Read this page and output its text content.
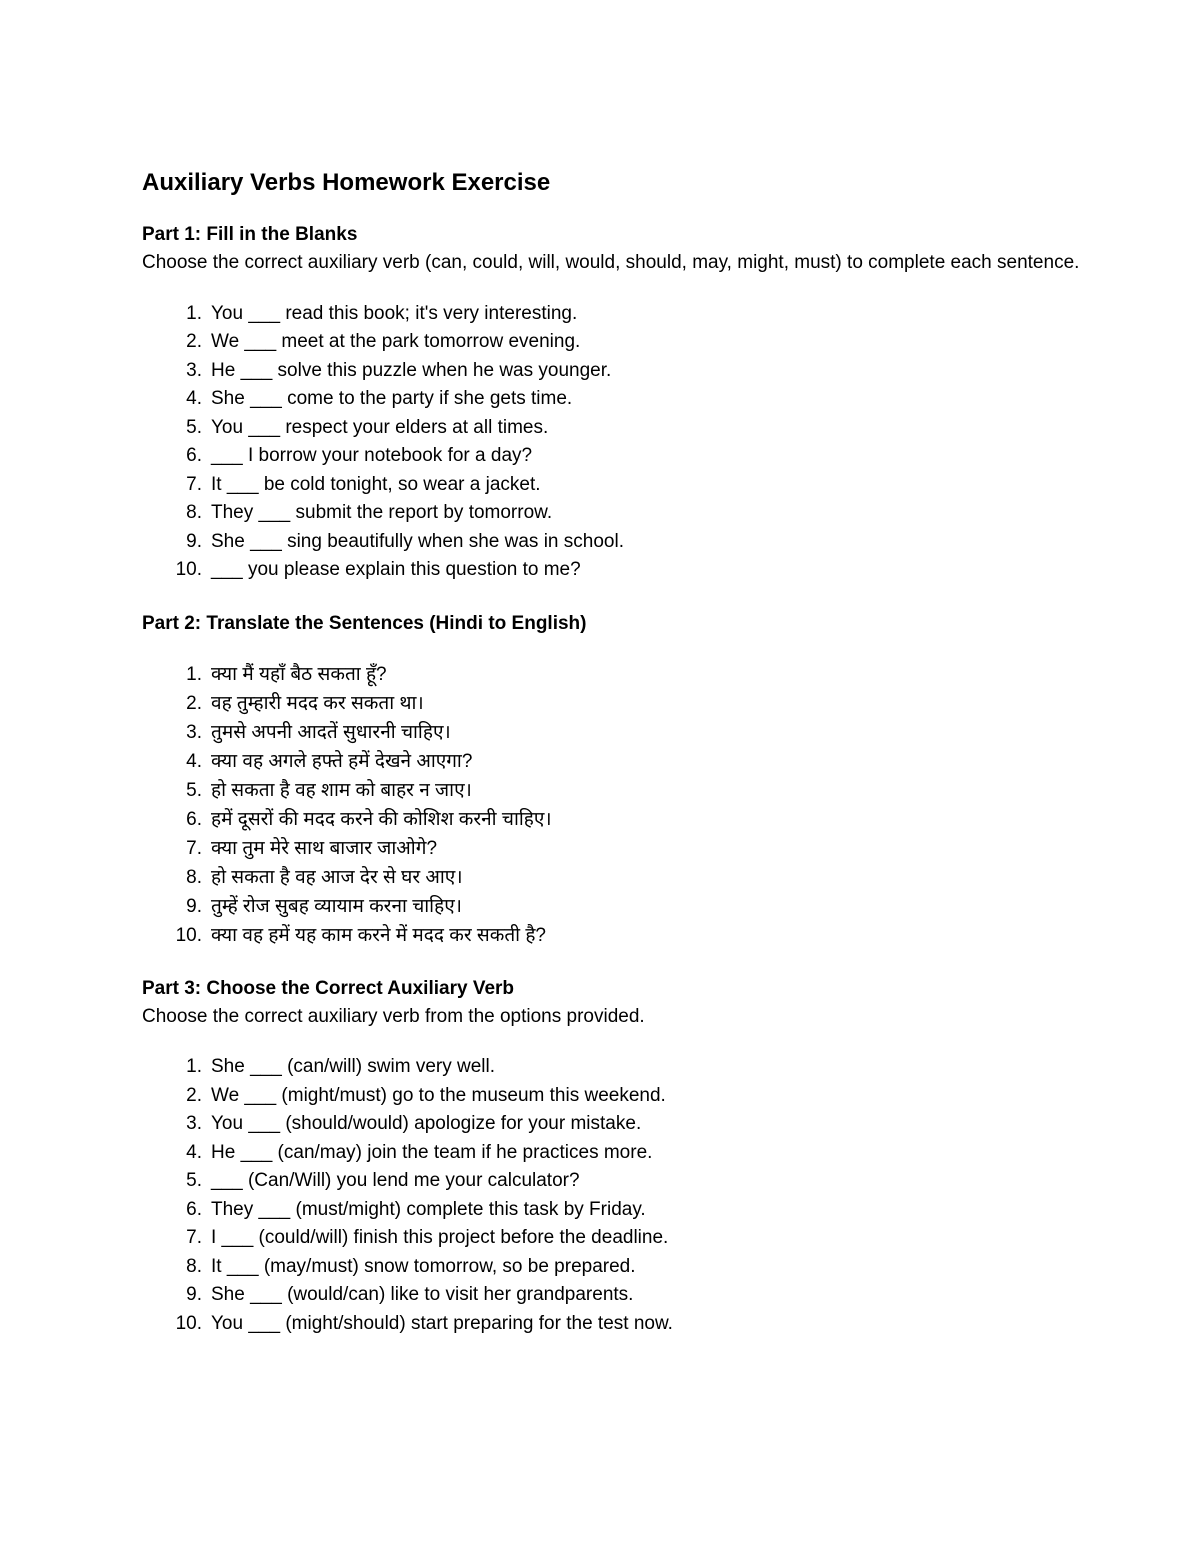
Auxiliary Verbs Homework Exercise

Part 1: Fill in the Blanks

Choose the correct auxiliary verb (can, could, will, would, should, may, might, must) to complete each sentence.

1. You ___ read this book; it's very interesting.
2. We ___ meet at the park tomorrow evening.
3. He ___ solve this puzzle when he was younger.
4. She ___ come to the party if she gets time.
5. You ___ respect your elders at all times.
6. ___ I borrow your notebook for a day?
7. It ___ be cold tonight, so wear a jacket.
8. They ___ submit the report by tomorrow.
9. She ___ sing beautifully when she was in school.
10. ___ you please explain this question to me?

Part 2: Translate the Sentences (Hindi to English)

1. क्या मैं यहाँ बैठ सकता हूँ?
2. वह तुम्हारी मदद कर सकता था।
3. तुमसे अपनी आदतें सुधारनी चाहिए।
4. क्या वह अगले हफ्ते हमें देखने आएगा?
5. हो सकता है वह शाम को बाहर न जाए।
6. हमें दूसरों की मदद करने की कोशिश करनी चाहिए।
7. क्या तुम मेरे साथ बाजार जाओगे?
8. हो सकता है वह आज देर से घर आए।
9. तुम्हें रोज सुबह व्यायाम करना चाहिए।
10. क्या वह हमें यह काम करने में मदद कर सकती है?

Part 3: Choose the Correct Auxiliary Verb

Choose the correct auxiliary verb from the options provided.

1. She ___ (can/will) swim very well.
2. We ___ (might/must) go to the museum this weekend.
3. You ___ (should/would) apologize for your mistake.
4. He ___ (can/may) join the team if he practices more.
5. ___ (Can/Will) you lend me your calculator?
6. They ___ (must/might) complete this task by Friday.
7. I ___ (could/will) finish this project before the deadline.
8. It ___ (may/must) snow tomorrow, so be prepared.
9. She ___ (would/can) like to visit her grandparents.
10. You ___ (might/should) start preparing for the test now.
